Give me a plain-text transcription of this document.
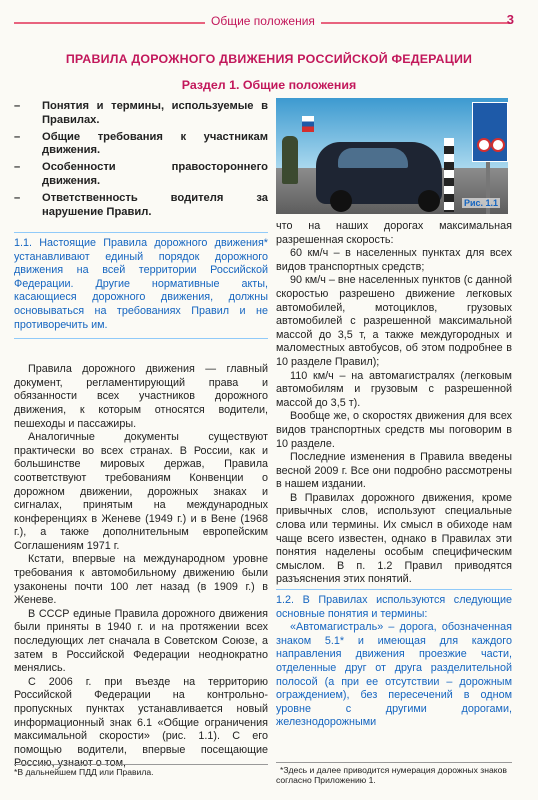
Общие положения	3
ПРАВИЛА ДОРОЖНОГО ДВИЖЕНИЯ РОССИЙСКОЙ ФЕДЕРАЦИИ
Раздел 1. Общие положения
– Понятия и термины, используемые в Правилах.
– Общие требования к участникам движения.
– Особенности правостороннего движения.
– Ответственность водителя за нарушение Правил.
Рис. 1.1

1.1. Настоящие Правила дорожного движения* устанавливают единый порядок дорожного движения на всей территории Российской Федерации. Другие нормативные акты, касающиеся дорожного движения, должны основываться на требованиях Правил и не противоречить им.

Правила дорожного движения — главный документ, регламентирующий права и обязанности всех участников дорожного движения, к которым относятся водители, пешеходы и пассажиры.

Аналогичные документы существуют практически во всех странах. В России, как и большинстве мировых держав, Правила соответствуют требованиям Конвенции о дорожном движении, дорожных знаках и сигналах, принятым на международных конференциях в Женеве (1949 г.) и в Вене (1968 г.), а также дополнительным европейским Соглашениям 1971 г.

Кстати, впервые на международном уровне требования к автомобильному движению были узаконены почти 100 лет назад (в 1909 г.) в Женеве.

В СССР единые Правила дорожного движения были приняты в 1940 г. и на протяжении всех последующих лет сначала в Советском Союзе, а затем в Российской Федерации неоднократно менялись.

С 2006 г. при въезде на территорию Российской Федерации на контрольно-пропускных пунктах устанавливается новый информационный знак 6.1 «Общие ограничения максимальной скорости» (рис. 1.1). С его помощью водители, впервые посещающие Россию, узнают о том,

что на наших дорогах максимальная разрешенная скорость:

60 км/ч – в населенных пунктах для всех видов транспортных средств;

90 км/ч – вне населенных пунктов (с данной скоростью разрешено движение легковых автомобилей, мотоциклов, грузовых автомобилей с разрешенной максимальной массой до 3,5 т, а также междугородных и маломестных автобусов, об этом подробнее в 10 разделе Правил);

110 км/ч – на автомагистралях (легковым автомобилям и грузовым с разрешенной массой до 3,5 т).

Вообще же, о скоростях движения для всех видов транспортных средств мы поговорим в 10 разделе.

Последние изменения в Правила введены весной 2009 г. Все они подробно рассмотрены в нашем издании.

В Правилах дорожного движения, кроме привычных слов, используют специальные слова или термины. Их смысл в обиходе нам чаще всего известен, однако в Правилах эти понятия наделены особым специфическим смыслом. В п. 1.2 Правил приводятся разъяснения этих понятий.

1.2. В Правилах используются следующие основные понятия и термины:

«Автомагистраль» – дорога, обозначенная знаком 5.1* и имеющая для каждого направления движения проезжие части, отделенные друг от друга разделительной полосой (а при ее отсутствии – дорожным ограждением), без пересечений в одном уровне с другими дорогами, железнодорожными

*В дальнейшем ПДД или Правила.	*Здесь и далее приводится нумерация дорожных знаков согласно Приложению 1.
